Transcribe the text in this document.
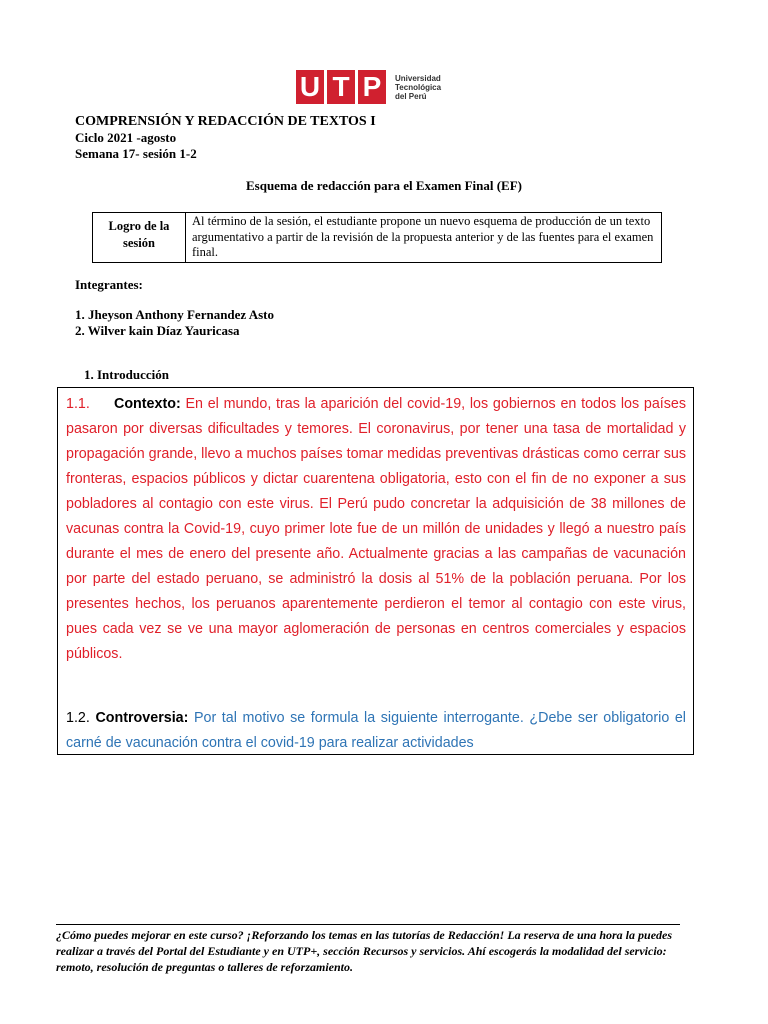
U T P	Universidad
Tecnológica
del Perú
COMPRENSIÓN Y REDACCIÓN DE TEXTOS I
Ciclo 2021 -agosto
Semana 17- sesión 1-2
Esquema de redacción para el Examen Final (EF)
Logro de la sesión
Al término de la sesión, el estudiante propone un nuevo esquema de producción de un texto argumentativo a partir de la revisión de la propuesta anterior y de las fuentes para el examen final.
Integrantes:
1. Jheyson Anthony Fernandez Asto
2. Wilver kain Díaz Yauricasa
1. Introducción
1.1. Contexto: En el mundo, tras la aparición del covid-19, los gobiernos en todos los países pasaron por diversas dificultades y temores. El coronavirus, por tener una tasa de mortalidad y propagación grande, llevo a muchos países tomar medidas preventivas drásticas como cerrar sus fronteras, espacios públicos y dictar cuarentena obligatoria, esto con el fin de no exponer a sus pobladores al contagio con este virus. El Perú pudo concretar la adquisición de 38 millones de vacunas contra la Covid-19, cuyo primer lote fue de un millón de unidades y llegó a nuestro país durante el mes de enero del presente año. Actualmente gracias a las campañas de vacunación por parte del estado peruano, se administró la dosis al 51% de la población peruana. Por los presentes hechos, los peruanos aparentemente perdieron el temor al contagio con este virus, pues cada vez se ve una mayor aglomeración de personas en centros comerciales y espacios públicos.
1.2. Controversia: Por tal motivo se formula la siguiente interrogante. ¿Debe ser obligatorio el carné de vacunación contra el covid-19 para realizar actividades
¿Cómo puedes mejorar en este curso? ¡Reforzando los temas en las tutorías de Redacción! La reserva de una hora la puedes realizar a través del Portal del Estudiante y en UTP+, sección Recursos y servicios. Ahí escogerás la modalidad del servicio: remoto, resolución de preguntas o talleres de reforzamiento.
